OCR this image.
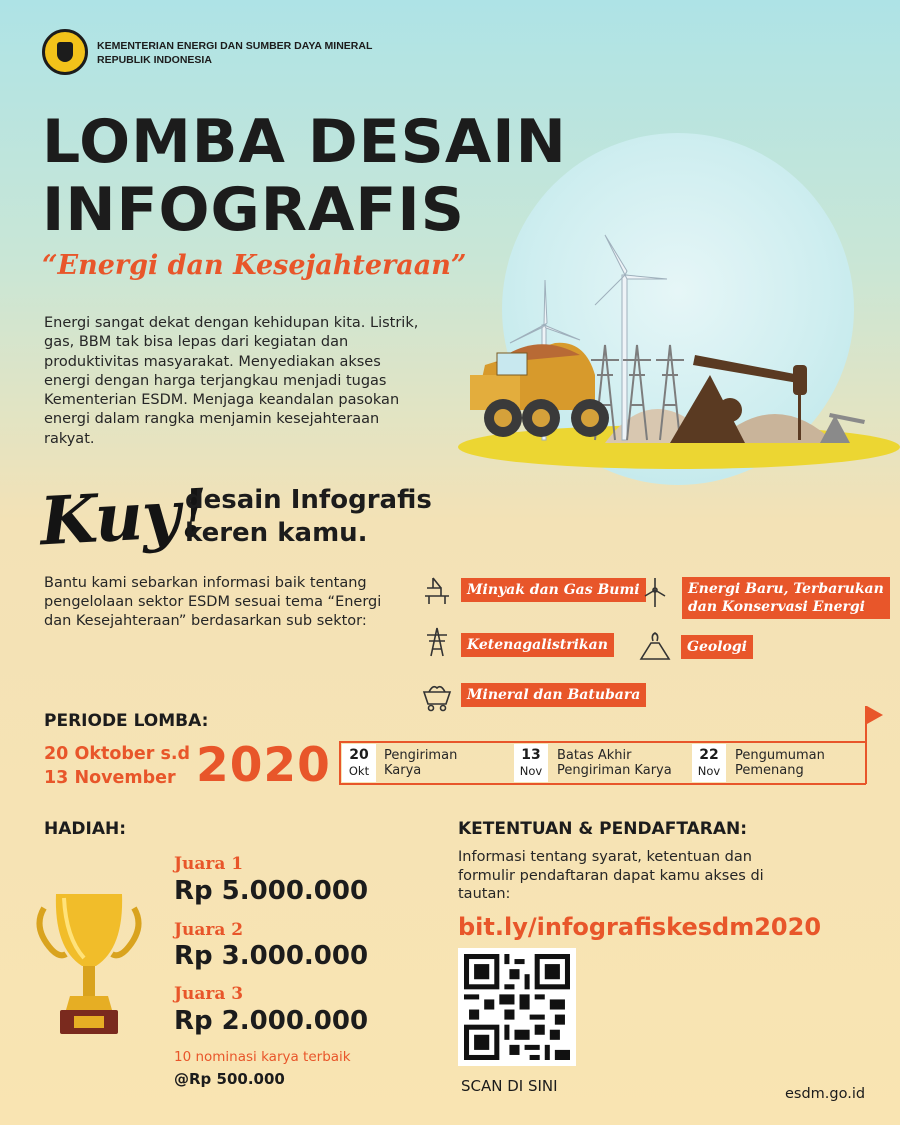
KEMENTERIAN ENERGI DAN SUMBER DAYA MINERAL
REPUBLIK INDONESIA
LOMBA DESAIN
INFOGRAFIS
“Energi dan Kesejahteraan”
Energi sangat dekat dengan kehidupan kita. Listrik, gas, BBM tak bisa lepas dari kegiatan dan produktivitas masyarakat. Menyediakan akses energi dengan harga terjangkau menjadi tugas Kementerian ESDM. Menjaga keandalan pasokan energi dalam rangka menjamin kesejahteraan rakyat.
Kuy!
desain Infografis
keren kamu.
Bantu kami sebarkan informasi baik tentang pengelolaan sektor ESDM sesuai tema “Energi dan Kesejahteraan” berdasarkan sub sektor:
Minyak dan Gas Bumi	Energi Baru, Terbarukan
dan Konservasi Energi
Ketenagalistrikan	Geologi
Mineral dan Batubara
PERIODE LOMBA:
20 Oktober s.d
13 November 2020	20
Okt
Pengiriman
Karya
13
Nov
Batas Akhir
Pengiriman Karya
22
Nov
Pengumuman
Pemenang
HADIAH:
Juara 1
Rp 5.000.000
Juara 2
Rp 3.000.000
Juara 3
Rp 2.000.000
10 nominasi karya terbaik
@Rp 500.000
KETENTUAN & PENDAFTARAN:
Informasi tentang syarat, ketentuan dan formulir pendaftaran dapat kamu akses di tautan:
bit.ly/infografiskesdm2020
SCAN DI SINI	esdm.go.id
